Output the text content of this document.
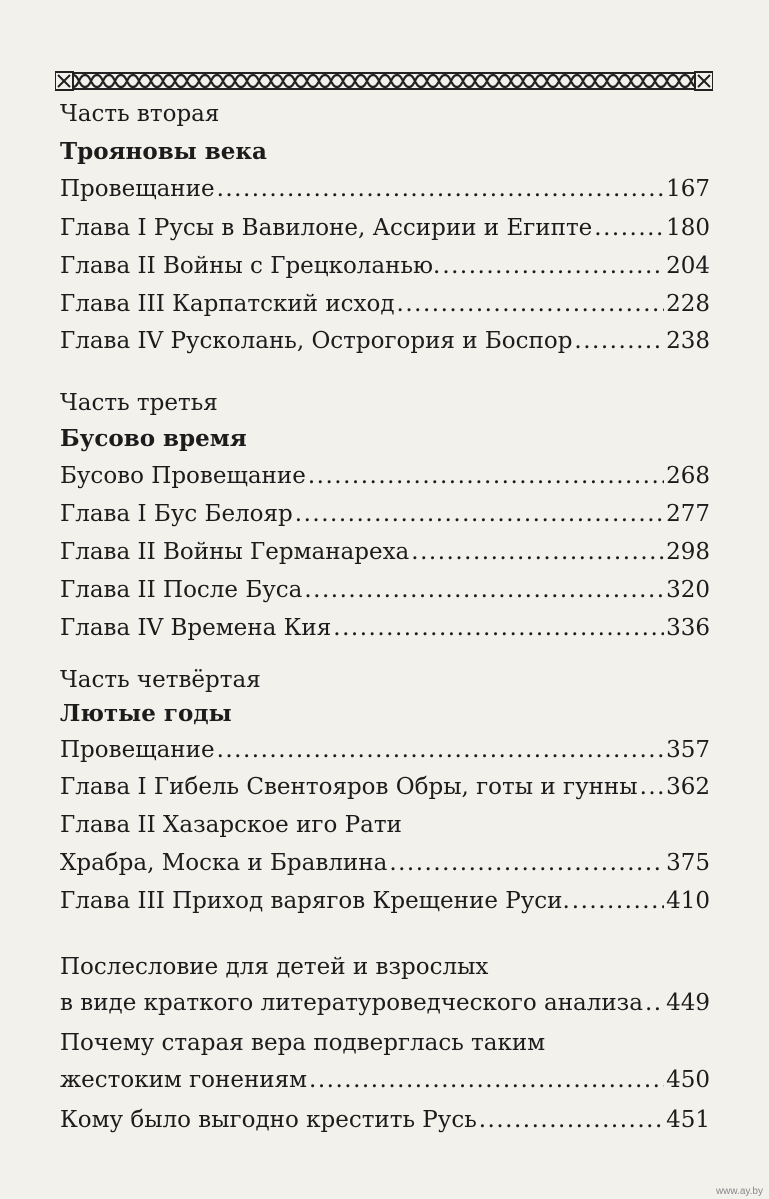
Часть вторая
Трояновы века
Провещание .....	167
Глава I Русы в Вавилоне, Ассирии и Египте .....	180
Глава II Войны с Грецколанью. .....	204
Глава III Карпатский исход .....	228
Глава IV Русколань, Острогория и Боспор .....	238
Часть третья
Бусово время
Бусово Провещание .....	268
Глава I Бус Белояр .....	277
Глава II Войны Германареха .....	298
Глава II После Буса .....	320
Глава IV Времена Кия .....	336
Часть четвёртая
Лютые годы
Провещание .....	357
Глава I Гибель Свентояров Обры, готы и гунны ..... 362
Глава II Хазарское иго Рати
Храбра, Моска и Бравлина .....	375
Глава III Приход варягов Крещение Руси. .....	410
Послесловие для детей и взрослых
в виде краткого литературоведческого анализа ..... 449
Почему старая вера подверглась таким
жестоким гонениям .....	450
Кому было выгодно крестить Русь .....	451
www.ay.by
